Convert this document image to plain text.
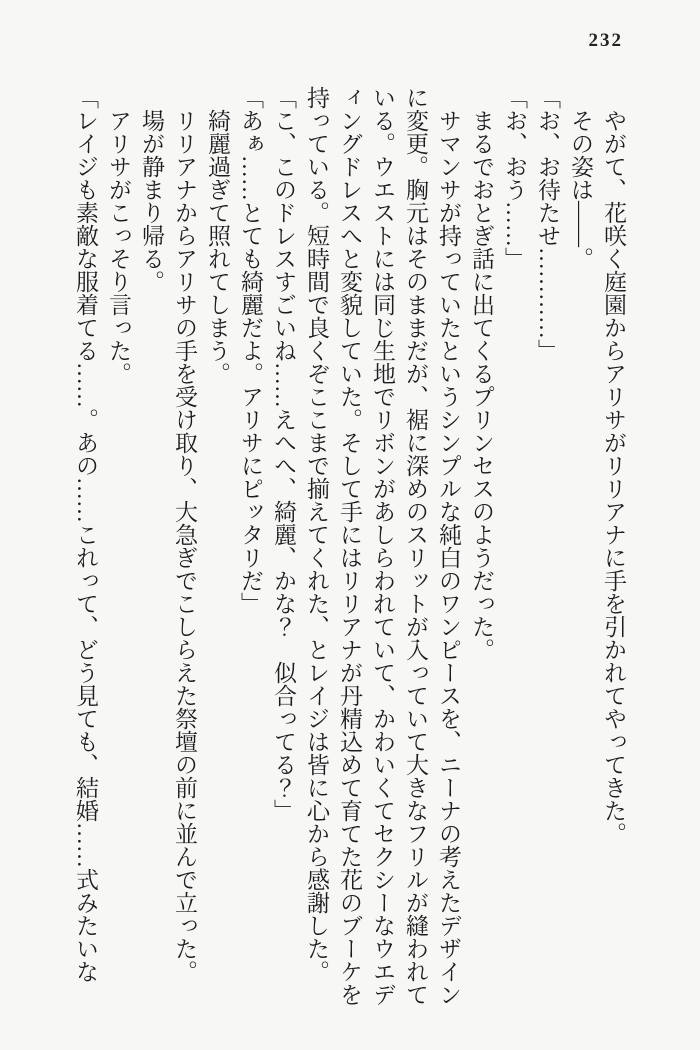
232

やがて、花咲く庭園からアリサがリリアナに手を引かれてやってきた。

その姿は――。

「お、お待たせ…………」

「お、おう……」

まるでおとぎ話に出てくるプリンセスのようだった。

サマンサが持っていたというシンプルな純白のワンピースを、ニーナの考えたデザインに変更。胸元はそのままだが、裾に深めのスリットが入っていて大きなフリルが縫われている。ウエストには同じ生地でリボンがあしらわれていて、かわいくてセクシーなウエディングドレスへと変貌していた。そして手にはリリアナが丹精込めて育てた花のブーケを持っている。短時間で良くぞここまで揃えてくれた、とレイジは皆に心から感謝した。

「こ、このドレスすごいね……えへへ、綺麗、かな？　似合ってる？」

「あぁ……とても綺麗だよ。アリサにピッタリだ」

綺麗過ぎて照れてしまう。

リリアナからアリサの手を受け取り、大急ぎでこしらえた祭壇の前に並んで立った。

場が静まり帰る。

アリサがこっそり言った。

「レイジも素敵な服着てる……。あの……これって、どう見ても、結婚……式みたいな
